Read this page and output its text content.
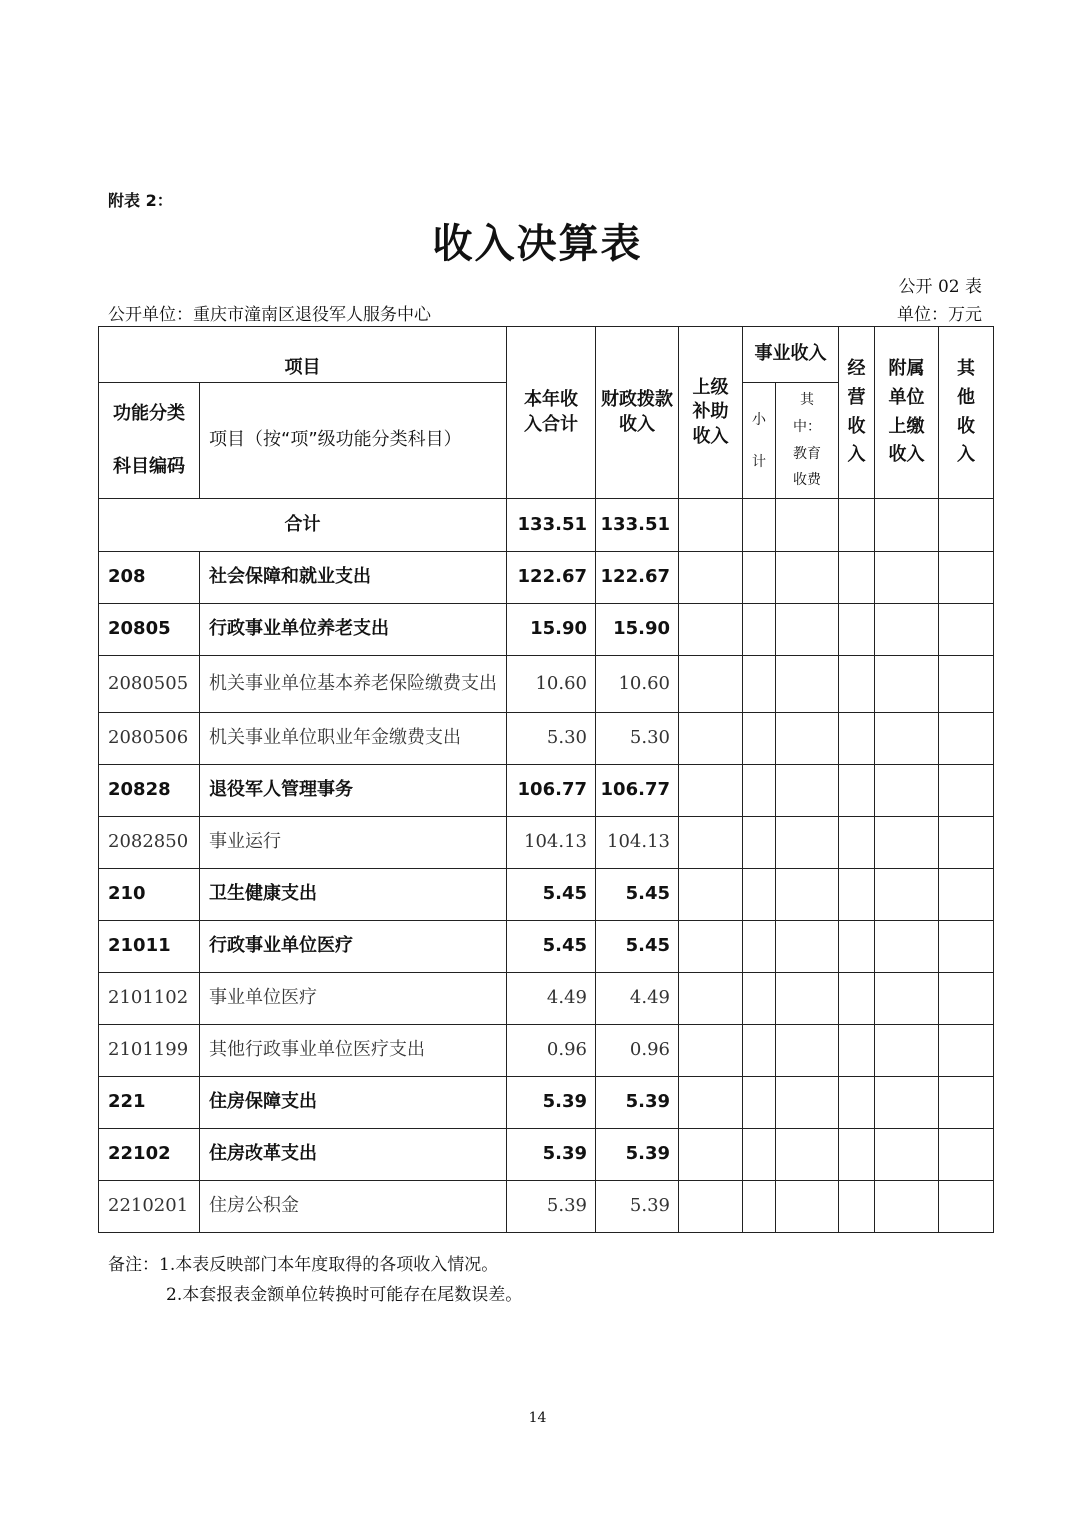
附表 2：
收入决算表
公开 02 表
公开单位：重庆市潼南区退役军人服务中心	单位：万元
项目		本年收入合计	财政拨款收入	上级补助收入	事业收入		经营收入	附属单位上缴收入	其他收入

功能分类科目编码	项目（按“项”级功能分类科目）				小计	其中：教育收费			

合计		133.51	133.51						
208	社会保障和就业支出	122.67	122.67						
20805	行政事业单位养老支出	15.90	15.90						
2080505	机关事业单位基本养老保险缴费支出	10.60	10.60						
2080506	机关事业单位职业年金缴费支出	5.30	5.30						
20828	退役军人管理事务	106.77	106.77						
2082850	事业运行	104.13	104.13						
210	卫生健康支出	5.45	5.45						
21011	行政事业单位医疗	5.45	5.45						
2101102	事业单位医疗	4.49	4.49						
2101199	其他行政事业单位医疗支出	0.96	0.96						
221	住房保障支出	5.39	5.39						
22102	住房改革支出	5.39	5.39						
2210201	住房公积金	5.39	5.39						
备注：1.本表反映部门本年度取得的各项收入情况。
2.本套报表金额单位转换时可能存在尾数误差。
14
